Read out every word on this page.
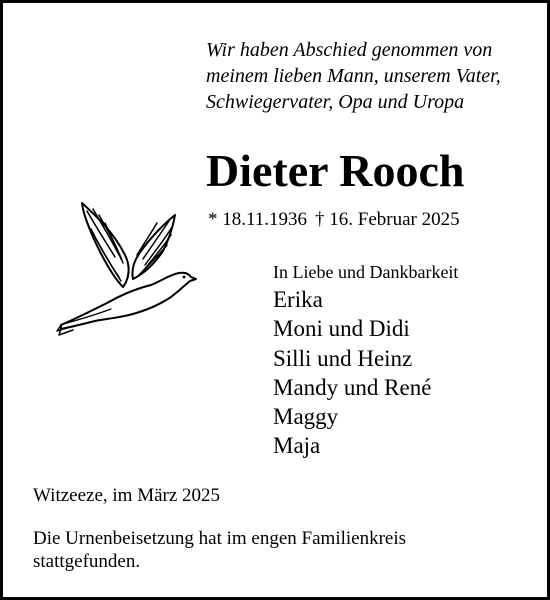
Wir haben Abschied genommen von
meinem lieben Mann, unserem Vater,
Schwiegervater, Opa und Uropa
Dieter Rooch
* 18.11.1936 † 16. Februar 2025
In Liebe und Dankbarkeit
Erika
Moni und Didi
Silli und Heinz
Mandy und René
Maggy
Maja
Witzeeze, im März 2025
Die Urnenbeisetzung hat im engen Familienkreis
stattgefunden.
